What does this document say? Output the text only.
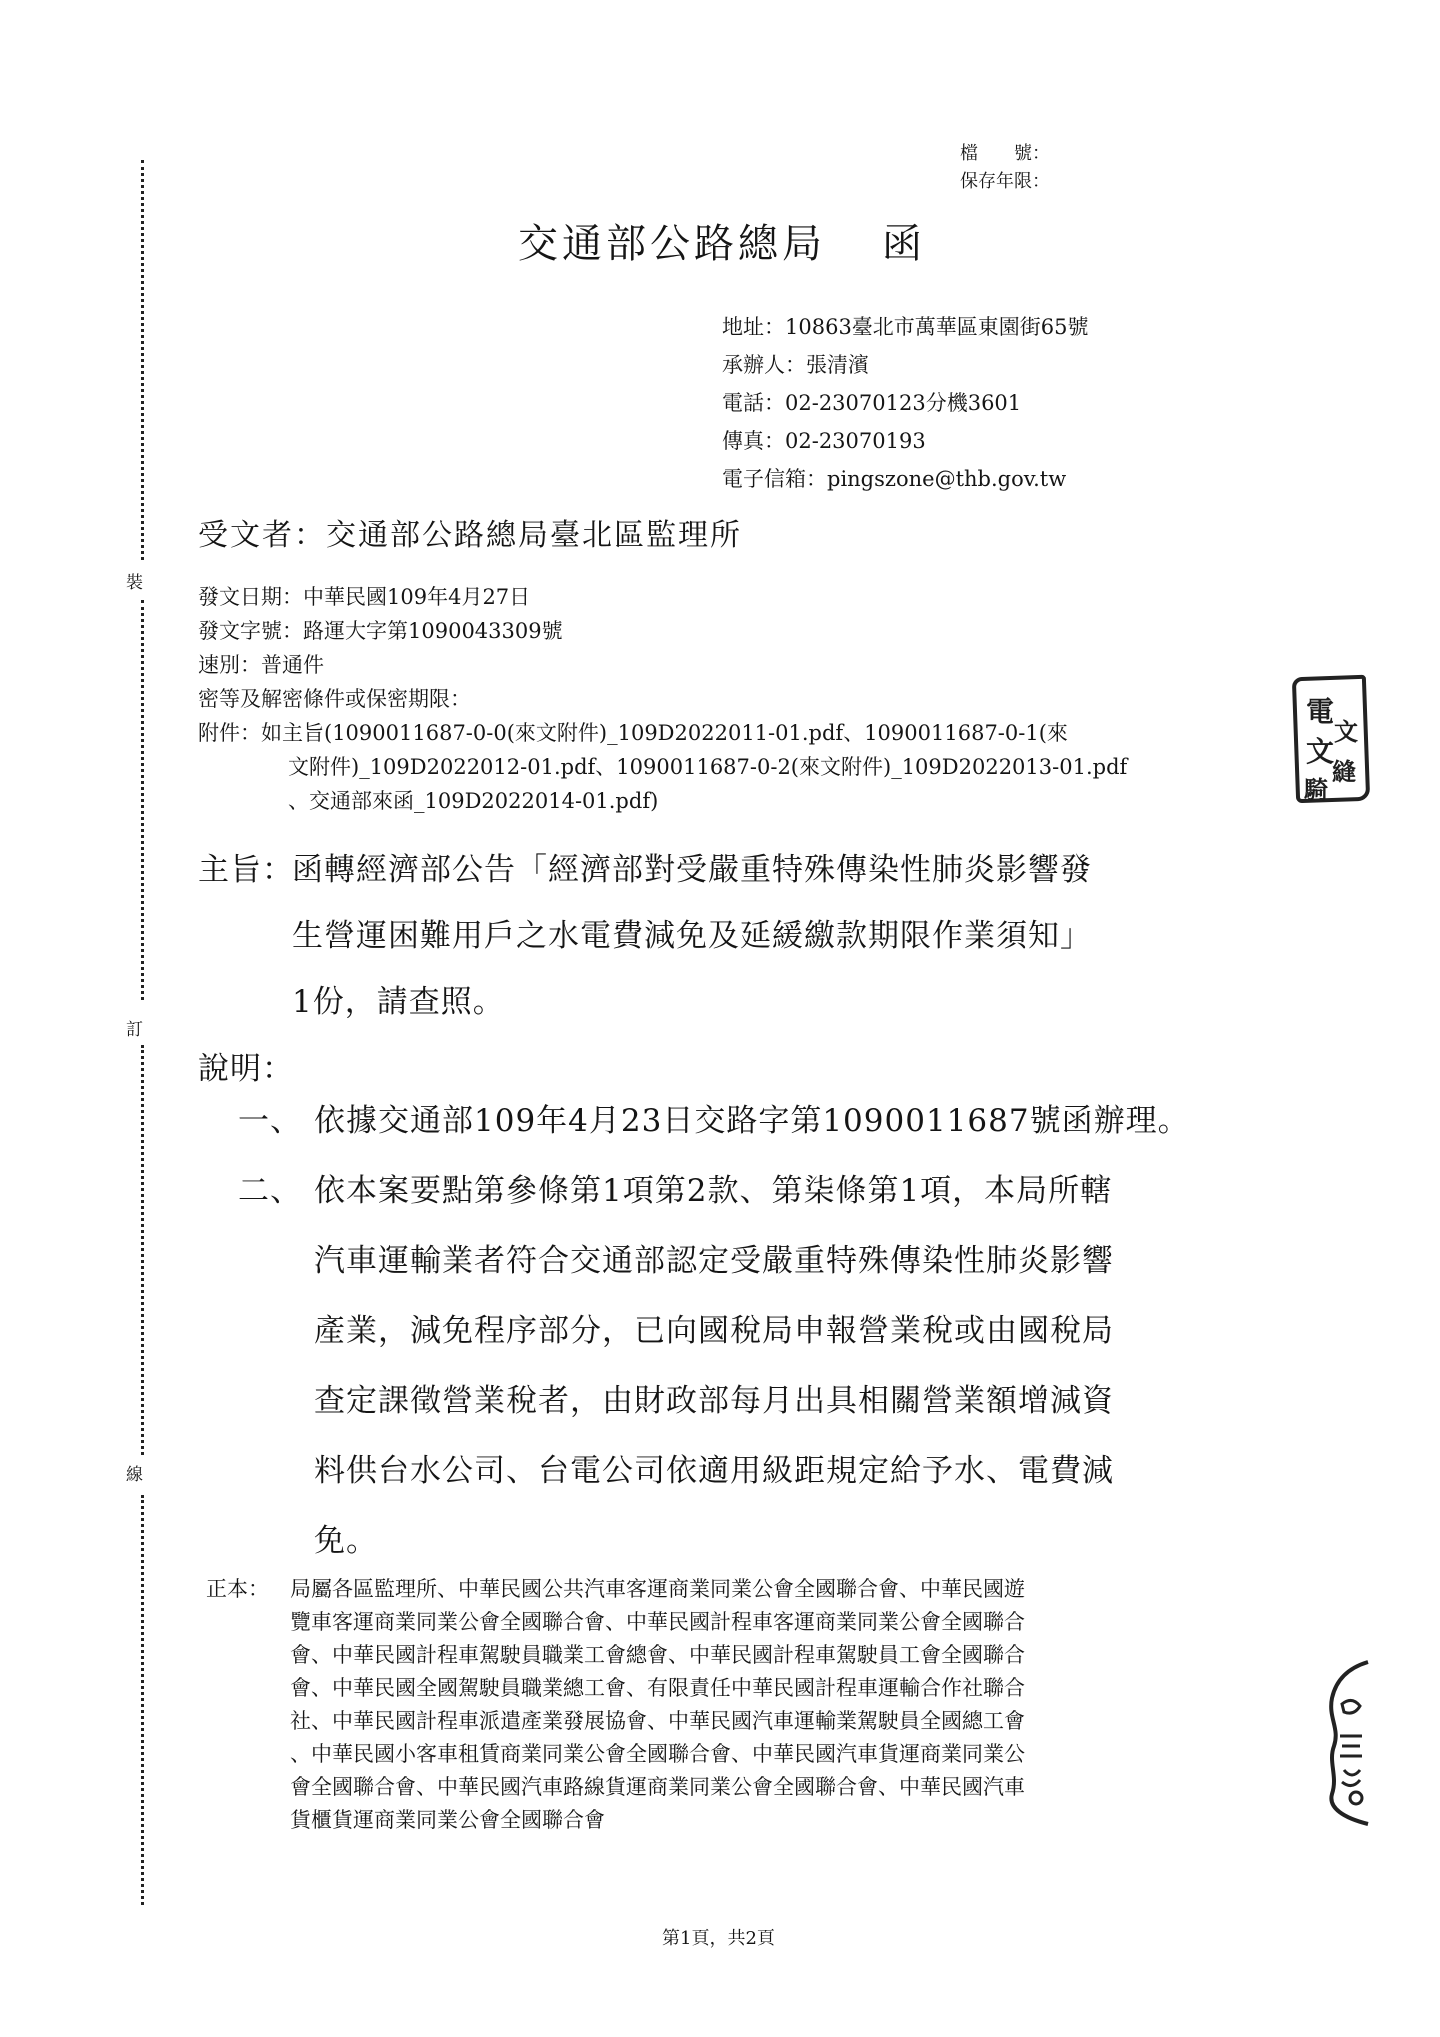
裝
訂
線
檔　　號：
保存年限：
交通部公路總局 函
地址：10863臺北市萬華區東園街65號
承辦人：張清濱
電話：02-23070123分機3601
傳真：02-23070193
電子信箱：pingszone@thb.gov.tw
受文者：交通部公路總局臺北區監理所
發文日期：中華民國109年4月27日
發文字號：路運大字第1090043309號
速別：普通件
密等及解密條件或保密期限：
附件：如主旨(1090011687-0-0(來文附件)_109D2022011-01.pdf、1090011687-0-1(來
文附件)_109D2022012-01.pdf、1090011687-0-2(來文附件)_109D2022013-01.pdf
、交通部來函_109D2022014-01.pdf)
主旨：
函轉經濟部公告「經濟部對受嚴重特殊傳染性肺炎影響發
生營運困難用戶之水電費減免及延緩繳款期限作業須知」
1份，請查照。
說明：
一、 依據交通部109年4月23日交路字第1090011687號函辦理。
二、 依本案要點第參條第1項第2款、第柒條第1項，本局所轄
汽車運輸業者符合交通部認定受嚴重特殊傳染性肺炎影響
產業，減免程序部分，已向國稅局申報營業稅或由國稅局
查定課徵營業稅者，由財政部每月出具相關營業額增減資
料供台水公司、台電公司依適用級距規定給予水、電費減
免。
正本： 局屬各區監理所、中華民國公共汽車客運商業同業公會全國聯合會、中華民國遊
覽車客運商業同業公會全國聯合會、中華民國計程車客運商業同業公會全國聯合
會、中華民國計程車駕駛員職業工會總會、中華民國計程車駕駛員工會全國聯合
會、中華民國全國駕駛員職業總工會、有限責任中華民國計程車運輸合作社聯合
社、中華民國計程車派遣產業發展協會、中華民國汽車運輸業駕駛員全國總工會
、中華民國小客車租賃商業同業公會全國聯合會、中華民國汽車貨運商業同業公
會全國聯合會、中華民國汽車路線貨運商業同業公會全國聯合會、中華民國汽車
貨櫃貨運商業同業公會全國聯合會
第1頁，共2頁
電
文
文
縫
騎
